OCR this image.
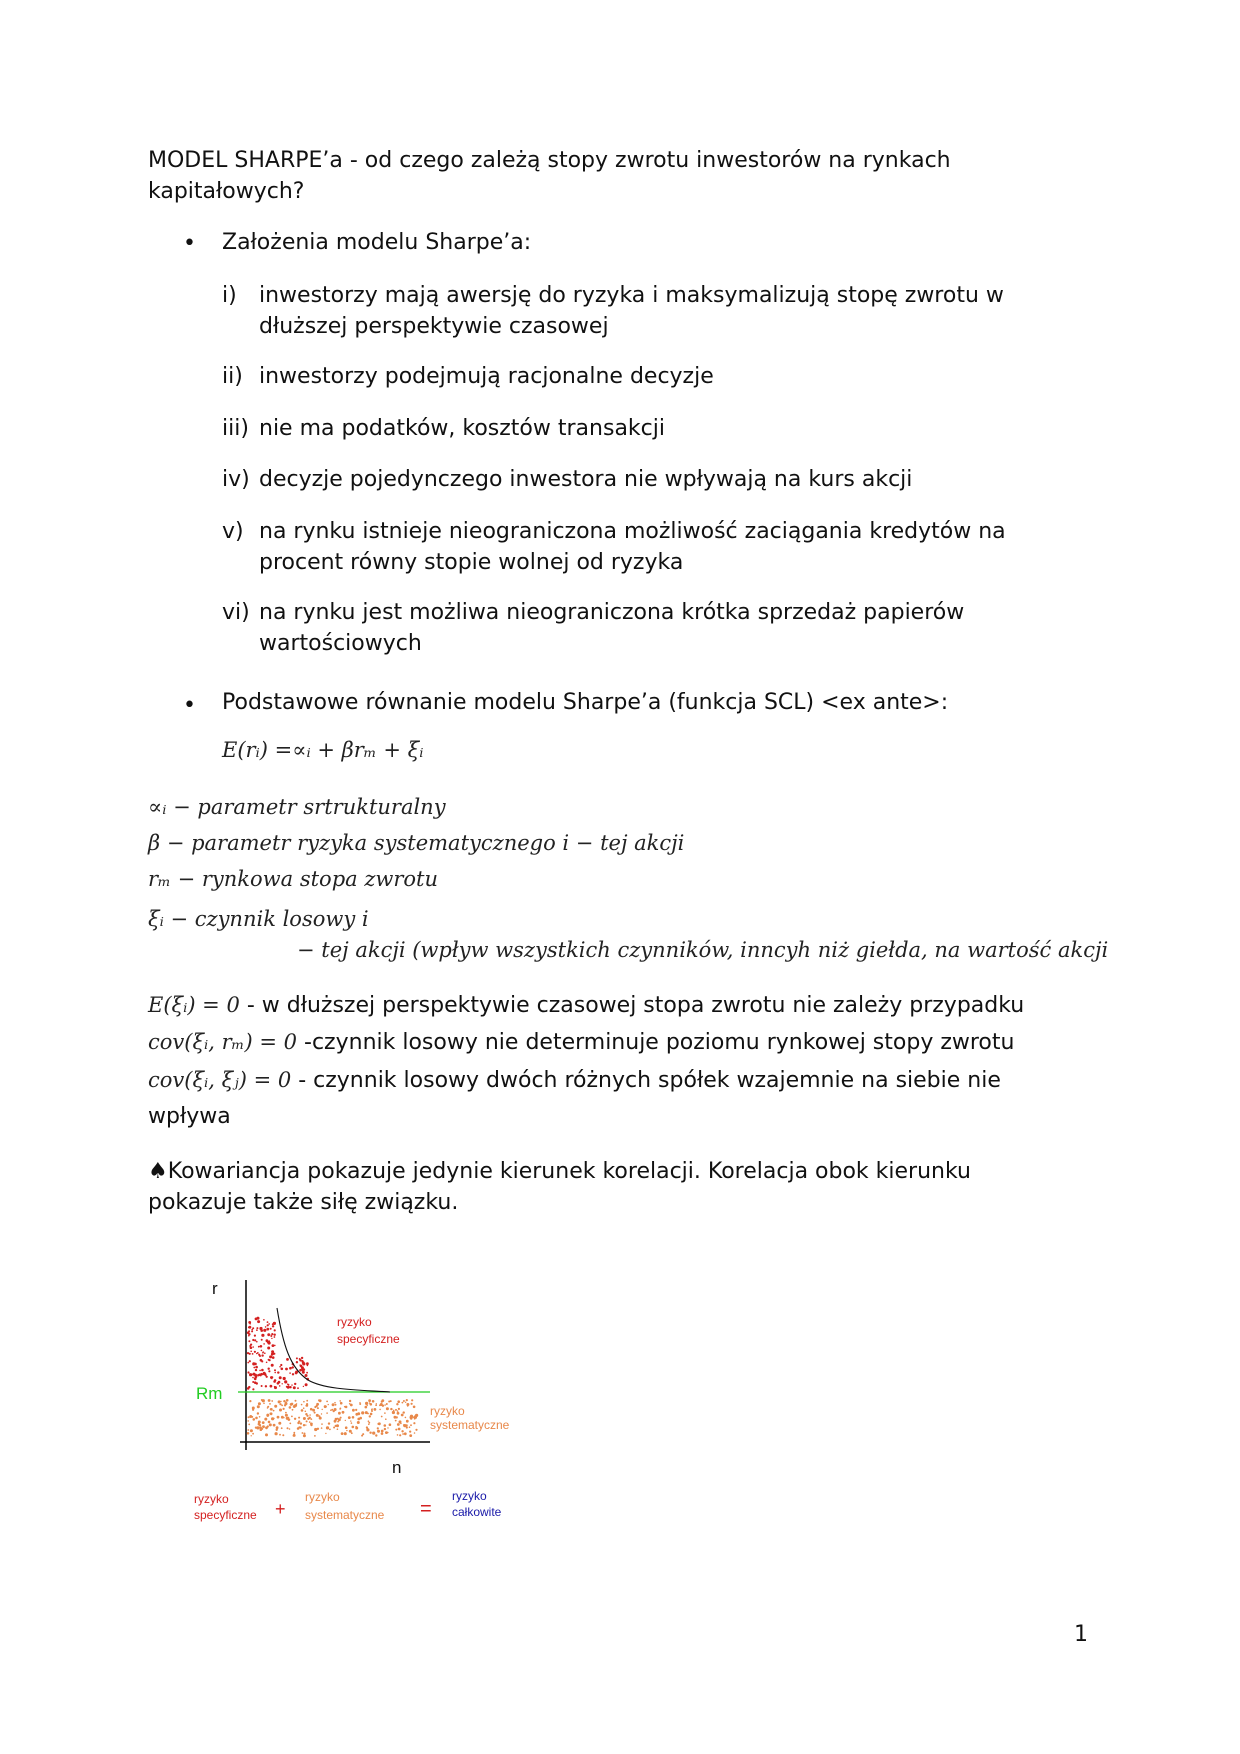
MODEL SHARPE’a - od czego zależą stopy zwrotu inwestorów na rynkach
kapitałowych?
• Założenia modelu Sharpe’a:
i) inwestorzy mają awersję do ryzyka i maksymalizują stopę zwrotu w
dłuższej perspektywie czasowej
ii) inwestorzy podejmują racjonalne decyzje
iii) nie ma podatków, kosztów transakcji
iv) decyzje pojedynczego inwestora nie wpływają na kurs akcji
v) na rynku istnieje nieograniczona możliwość zaciągania kredytów na
procent równy stopie wolnej od ryzyka
vi) na rynku jest możliwa nieograniczona krótka sprzedaż papierów
wartościowych
• Podstawowe równanie modelu Sharpe’a (funkcja SCL) <ex ante>:
E(rᵢ) =∝ᵢ + βrₘ + ξᵢ
∝ᵢ − parametr srtrukturalny
β − parametr ryzyka systematycznego i − tej akcji
rₘ − rynkowa stopa zwrotu
ξᵢ − czynnik losowy i
− tej akcji (wpływ wszystkich czynników, inncyh niż giełda, na wartość akcji
E(ξᵢ) = 0 - w dłuższej perspektywie czasowej stopa zwrotu nie zależy przypadku
cov(ξᵢ, rₘ) = 0 -czynnik losowy nie determinuje poziomu rynkowej stopy zwrotu
cov(ξᵢ, ξⱼ) = 0 - czynnik losowy dwóch różnych spółek wzajemnie na siebie nie
wpływa
♠Kowariancja pokazuje jedynie kierunek korelacji. Korelacja obok kierunku
pokazuje także siłę związku.
r
n
Rm
ryzyko
specyficzne
ryzyko
systematyczne
ryzyko
specyficzne +
ryzyko
systematyczne =
ryzyko
całkowite
1
